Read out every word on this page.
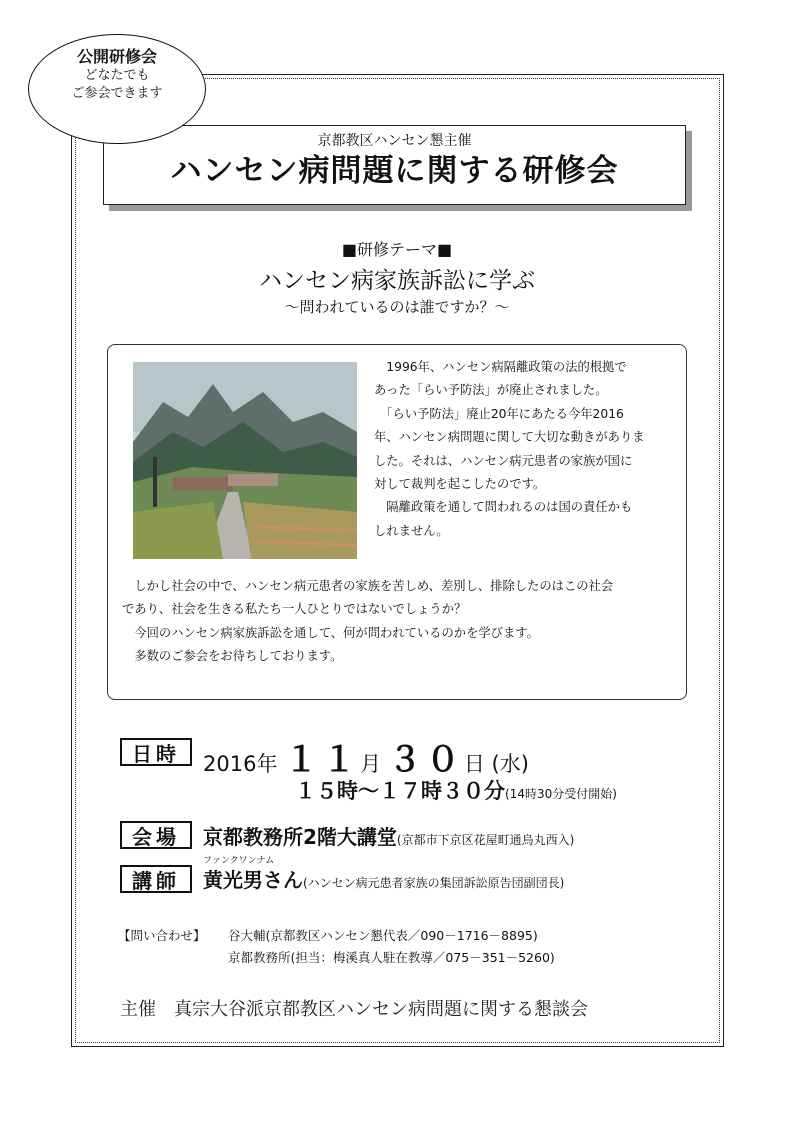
公開研修会
どなたでも
ご参会できます
京都教区ハンセン懇主催
ハンセン病問題に関する研修会
■研修テーマ■
ハンセン病家族訴訟に学ぶ
～問われているのは誰ですか？～
　1996年、ハンセン病隔離政策の法的根拠で
あった「らい予防法」が廃止されました。
　「らい予防法」廃止20年にあたる今年2016
年、ハンセン病問題に関して大切な動きがありま
した。それは、ハンセン病元患者の家族が国に
対して裁判を起こしたのです。
　隔離政策を通して問われるのは国の責任かも
しれません。
　しかし社会の中で、ハンセン病元患者の家族を苦しめ、差別し、排除したのはこの社会
であり、社会を生きる私たち一人ひとりではないでしょうか？
　今回のハンセン病家族訴訟を通して、何が問われているのかを学びます。
　多数のご参会をお待ちしております。
日時	2016年 １１月 ３０日 (水)
１５時～１７時３０分(14時30分受付開始)
会場	京都教務所2階大講堂(京都市下京区花屋町通烏丸西入)
講師
ファンクワンナム
黄光男さん(ハンセン病元患者家族の集団訴訟原告団副団長)
【問い合わせ】 谷大輔(京都教区ハンセン懇代表／090－1716－8895)
京都教務所(担当：梅溪真人駐在教導／075－351－5260)
主催　真宗大谷派京都教区ハンセン病問題に関する懇談会
